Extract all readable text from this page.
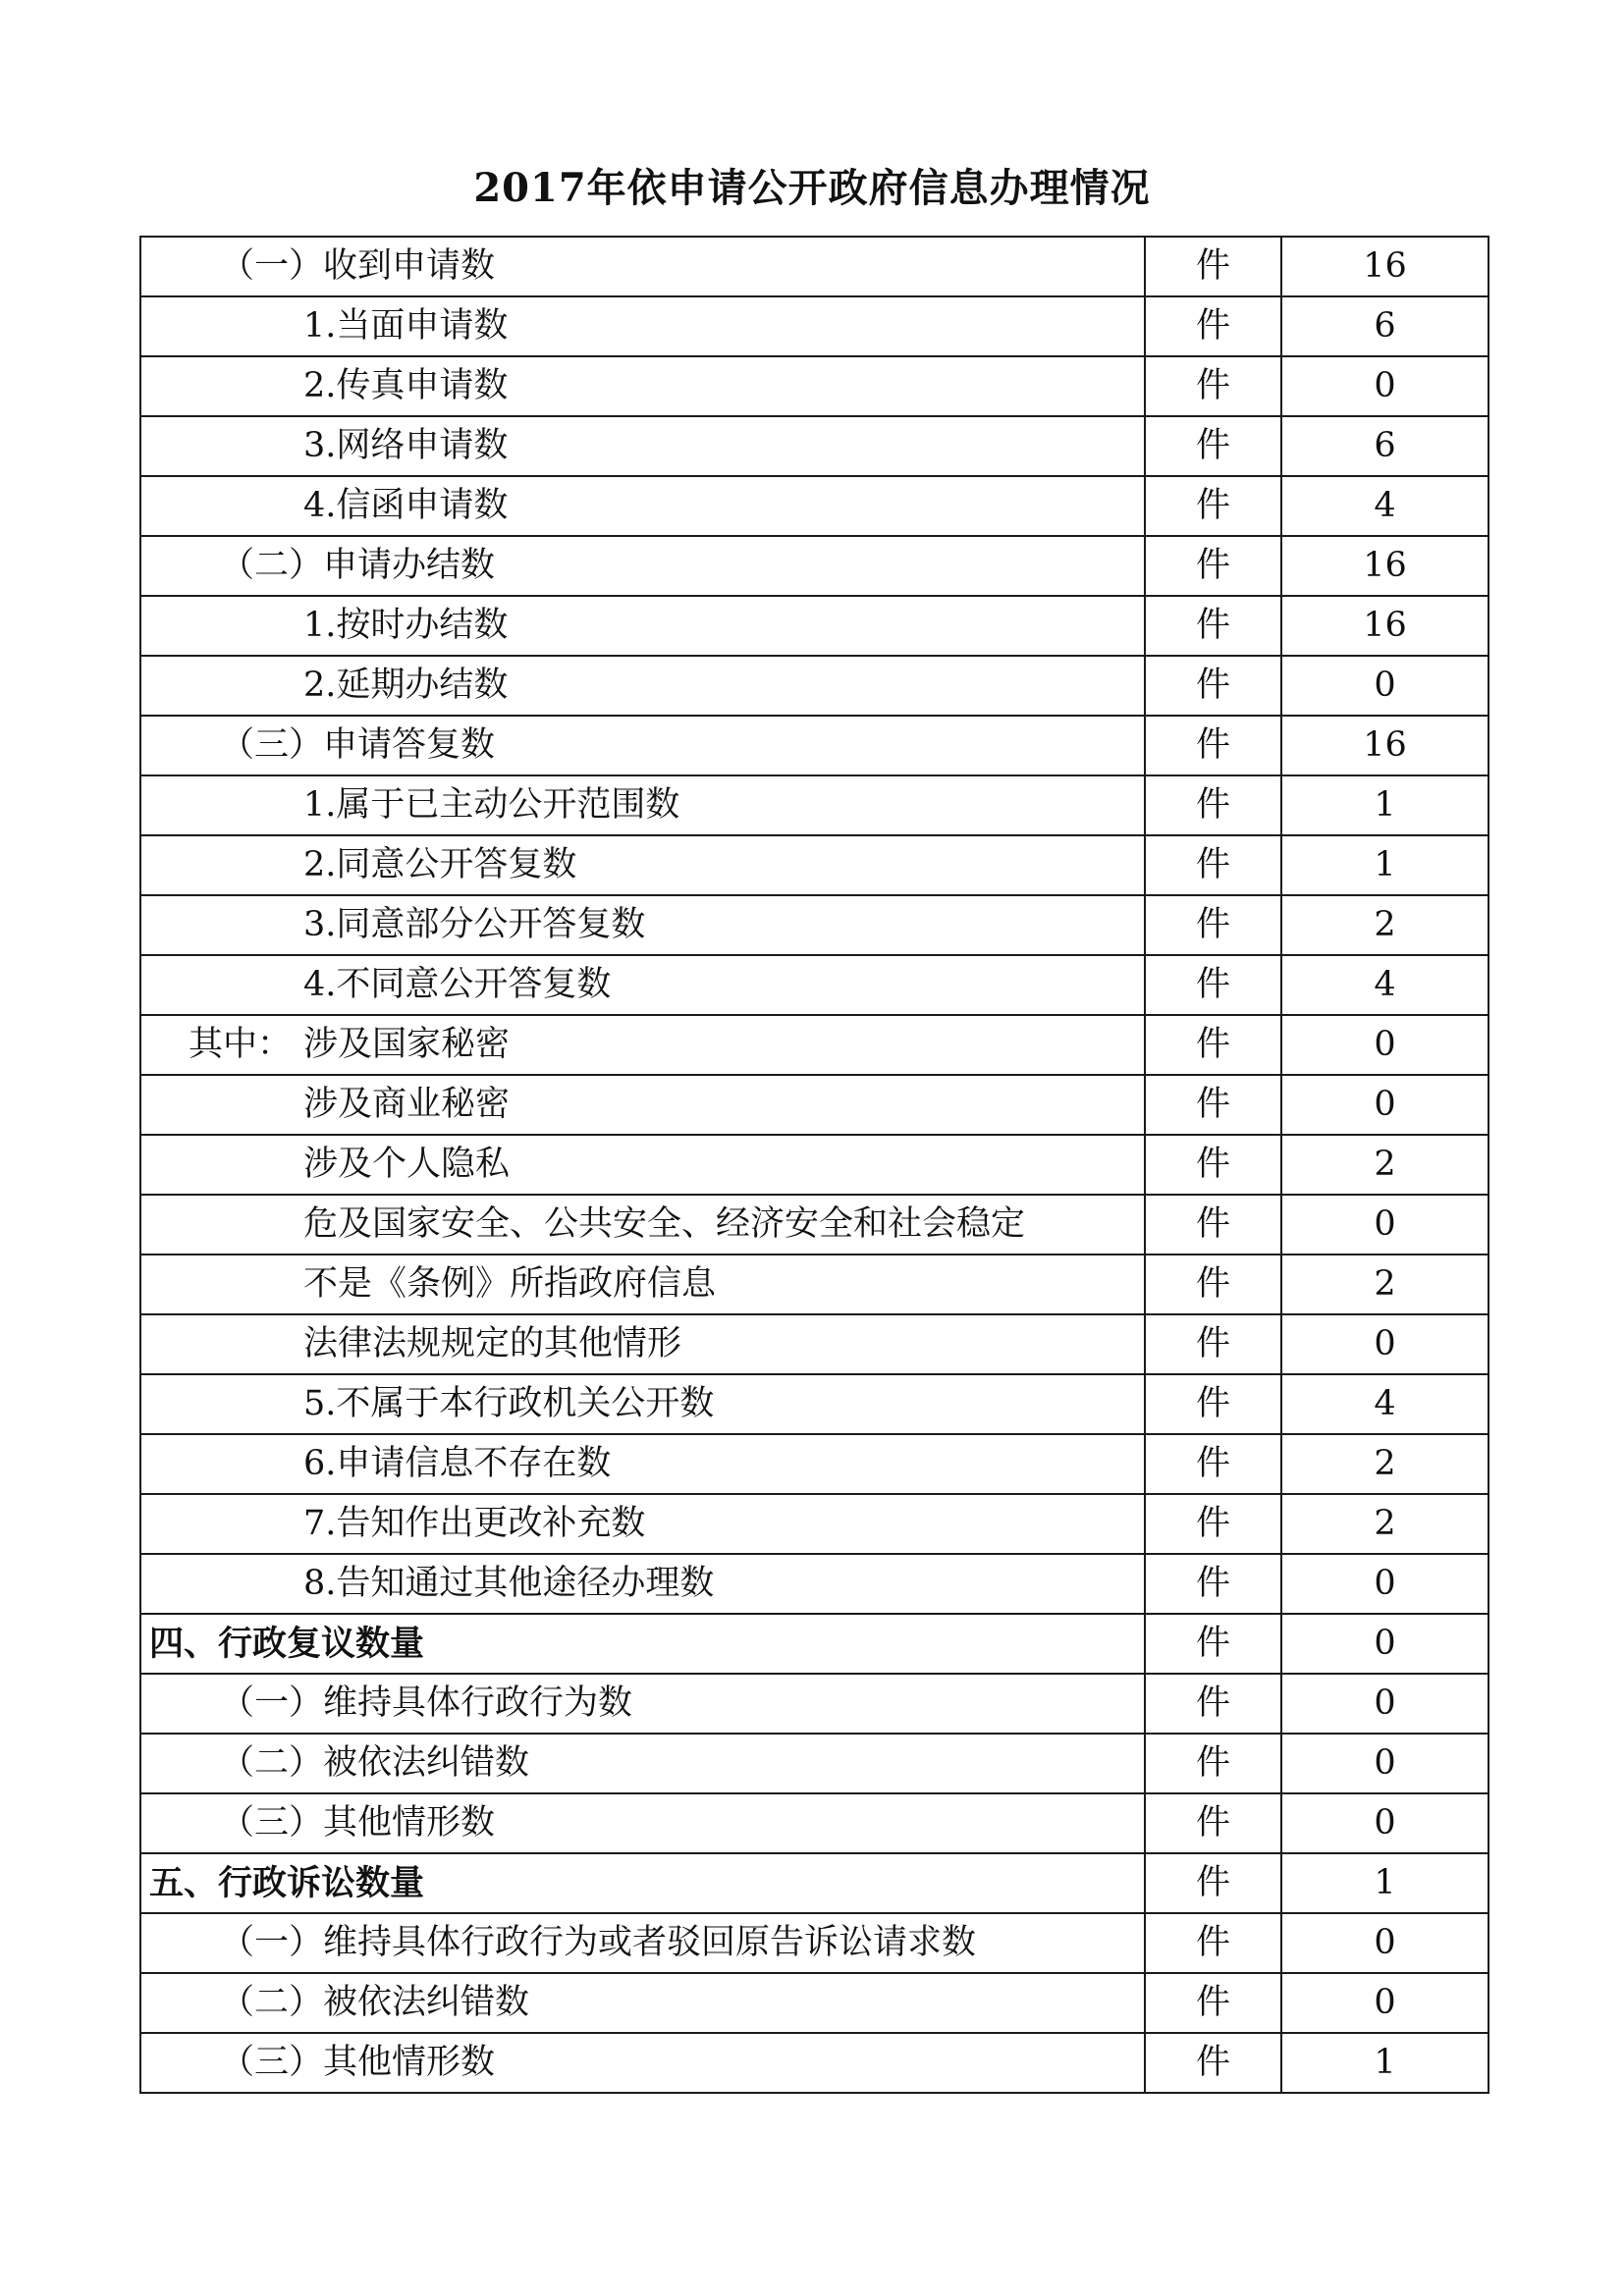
2017年依申请公开政府信息办理情况
（一）收到申请数	件	16
1.当面申请数	件	6
2.传真申请数	件	0
3.网络申请数	件	6
4.信函申请数	件	4
（二）申请办结数	件	16
1.按时办结数	件	16
2.延期办结数	件	0
（三）申请答复数	件	16
1.属于已主动公开范围数	件	1
2.同意公开答复数	件	1
3.同意部分公开答复数	件	2
4.不同意公开答复数	件	4
其中： 涉及国家秘密	件	0
涉及商业秘密	件	0
涉及个人隐私	件	2
危及国家安全、公共安全、经济安全和社会稳定	件	0
不是《条例》所指政府信息	件	2
法律法规规定的其他情形	件	0
5.不属于本行政机关公开数	件	4
6.申请信息不存在数	件	2
7.告知作出更改补充数	件	2
8.告知通过其他途径办理数	件	0
四、行政复议数量	件	0
（一）维持具体行政行为数	件	0
（二）被依法纠错数	件	0
（三）其他情形数	件	0
五、行政诉讼数量	件	1
（一）维持具体行政行为或者驳回原告诉讼请求数	件	0
（二）被依法纠错数	件	0
（三）其他情形数	件	1
